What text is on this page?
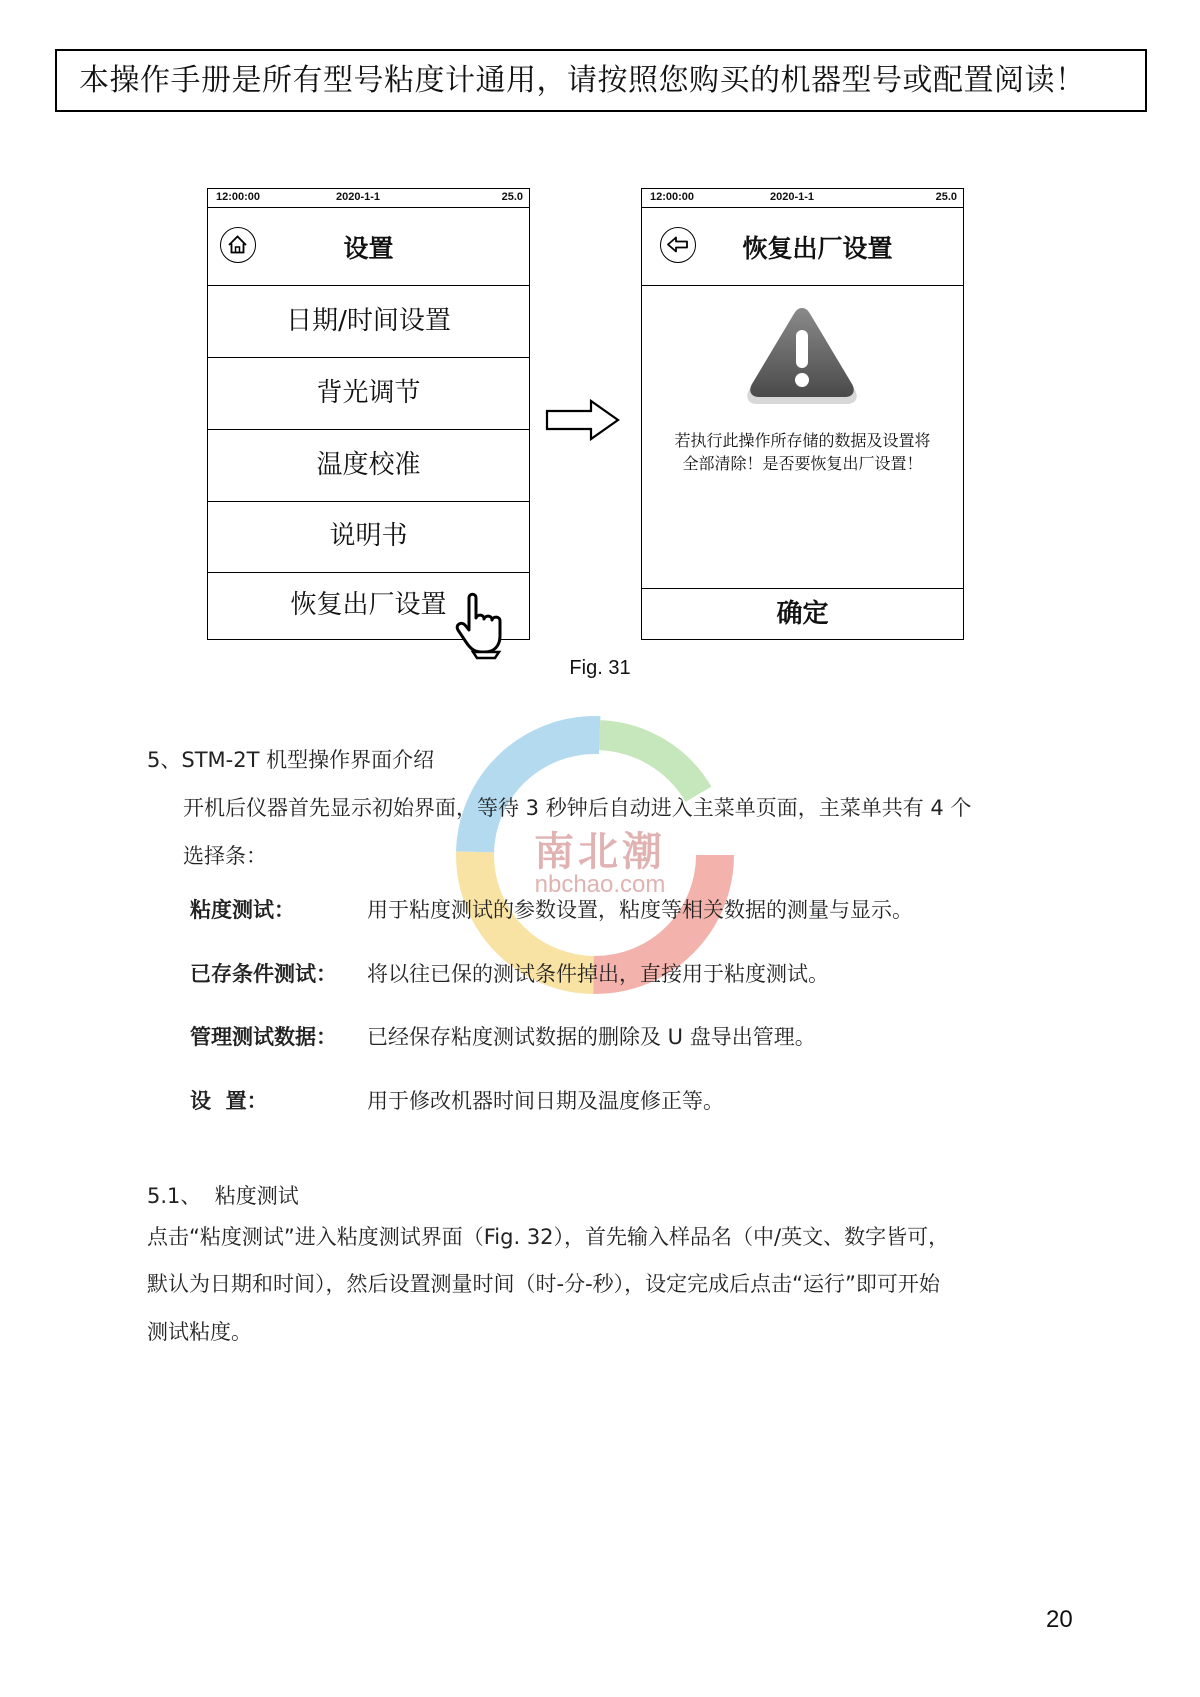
本操作手册是所有型号粘度计通用，请按照您购买的机器型号或配置阅读！
12:00:00	2020-1-1	25.0
设置
日期/时间设置
背光调节
温度校准
说明书
恢复出厂设置
12:00:00	2020-1-1	25.0
恢复出厂设置
若执行此操作所存储的数据及设置将
全部清除！是否要恢复出厂设置！
确定
Fig. 31
南北潮
nbchao.com
5、STM-2T 机型操作界面介绍
开机后仪器首先显示初始界面，等待 3 秒钟后自动进入主菜单页面，主菜单共有 4 个
选择条：
粘度测试：	用于粘度测试的参数设置，粘度等相关数据的测量与显示。
已存条件测试： 将以往已保的测试条件掉出，直接用于粘度测试。
管理测试数据： 已经保存粘度测试数据的删除及 U 盘导出管理。
设  置：	用于修改机器时间日期及温度修正等。
5.1、  粘度测试
点击“粘度测试”进入粘度测试界面（Fig. 32），首先输入样品名（中/英文、数字皆可，
默认为日期和时间），然后设置测量时间（时-分-秒），设定完成后点击“运行”即可开始
测试粘度。
20
